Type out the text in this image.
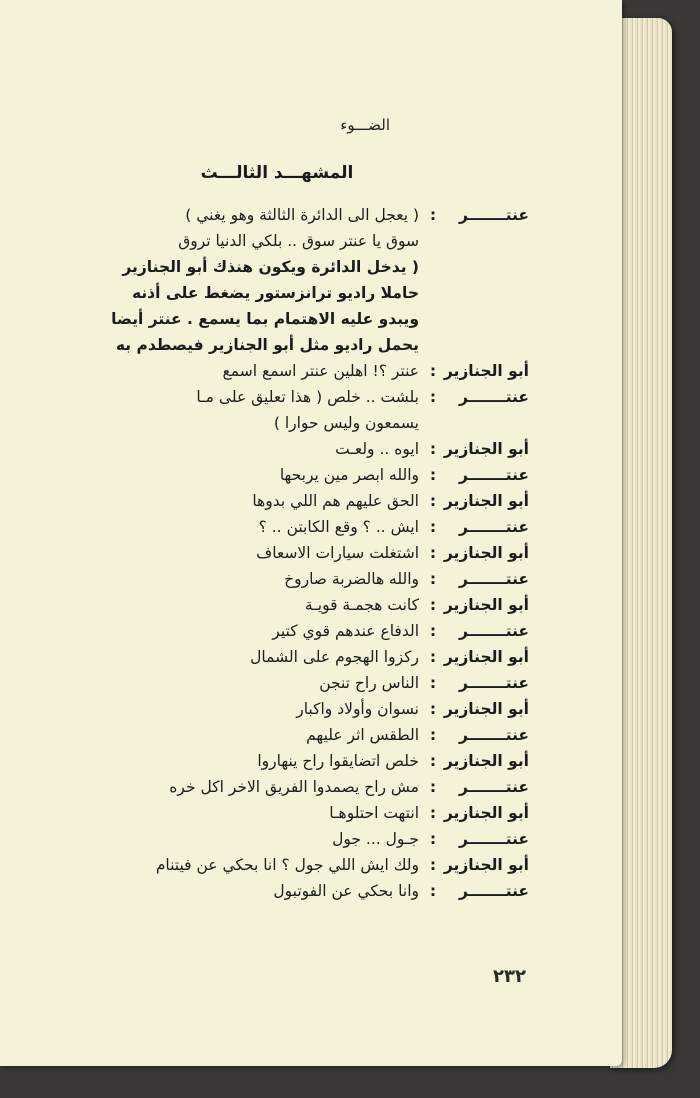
الضـــوء
المشهـــد الثالـــث
عنتـــــــر
:
( يعجل الى الدائرة الثالثة وهو يغني )
سوق يا عنتر سوق .. بلكي الدنيا تروق
( يدخل الدائرة ويكون هنذك أبو الجنازير
حاملا راديو ترانزستور يضغط على أذنه
ويبدو عليه الاهتمام بما يسمع . عنتر أيضا
يحمل راديو مثل أبو الجنازير فيصطدم به
أبو الجنازير
:
عنتر ؟! اهلين عنتر اسمع اسمع
عنتـــــــر
:
بلشت .. خلص ( هذا تعليق على مـا
يسمعون وليس حوارا )
أبو الجنازير
:
ايوه .. ولعـت
عنتـــــــر
:
والله ابصر مين يربحها
أبو الجنازير
:
الحق عليهم هم اللي بدوها
عنتـــــــر
:
ايش .. ؟ وقع الكابتن .. ؟
أبو الجنازير
:
اشتغلت سيارات الاسعاف
عنتـــــــر
:
والله هالضربة صاروخ
أبو الجنازير
:
كانت هجمـة قويـة
عنتـــــــر
:
الدفاع عندهم قوي كتير
أبو الجنازير
:
ركزوا الهجوم على الشمال
عنتـــــــر
:
الناس راح تنجن
أبو الجنازير
:
نسوان وأولاد واكبار
عنتـــــــر
:
الطقس اثر عليهم
أبو الجنازير
:
خلص اتضايقوا راح ينهاروا
عنتـــــــر
:
مش راح يصمدوا الفريق الاخر اكل خره
أبو الجنازير
:
انتهت احتلوهـا
عنتـــــــر
:
جـول ... جول
أبو الجنازير
:
ولك ايش اللي جول ؟ انا بحكي عن فيتنام
عنتـــــــر
:
وانا بحكي عن الفوتبول
٢٣٢
